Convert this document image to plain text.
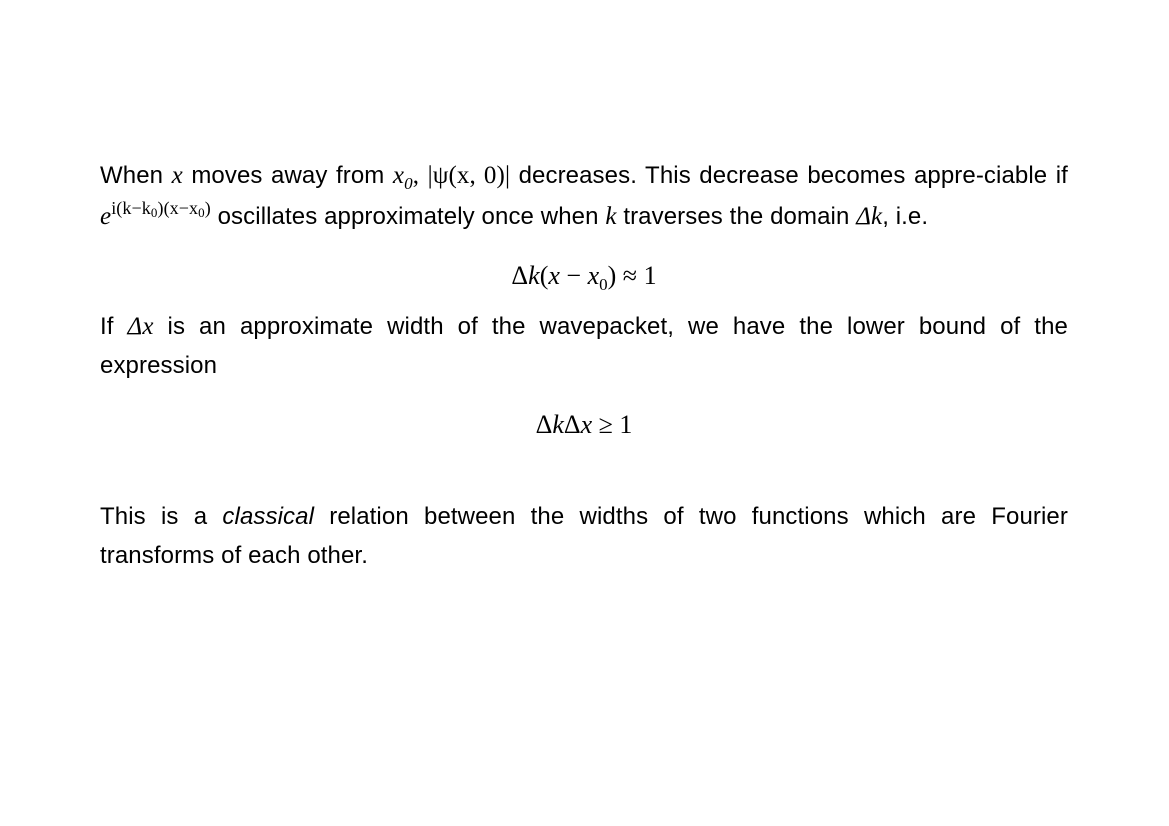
When x moves away from $x_0$, |ψ(x, 0)| decreases. This decrease becomes appre-ciable if $e^{i(k-k0)(x-x0)}$ oscillates approximately once when k traverses the domain Δk, i.e.

$\Delta k(x - x_0) \approx 1$

If Δx is an approximate width of the wavepacket, we have the lower bound of the expression

ΔkΔx ≥ 1

This is a classical relation between the widths of two functions which are Fourier transforms of each other.
